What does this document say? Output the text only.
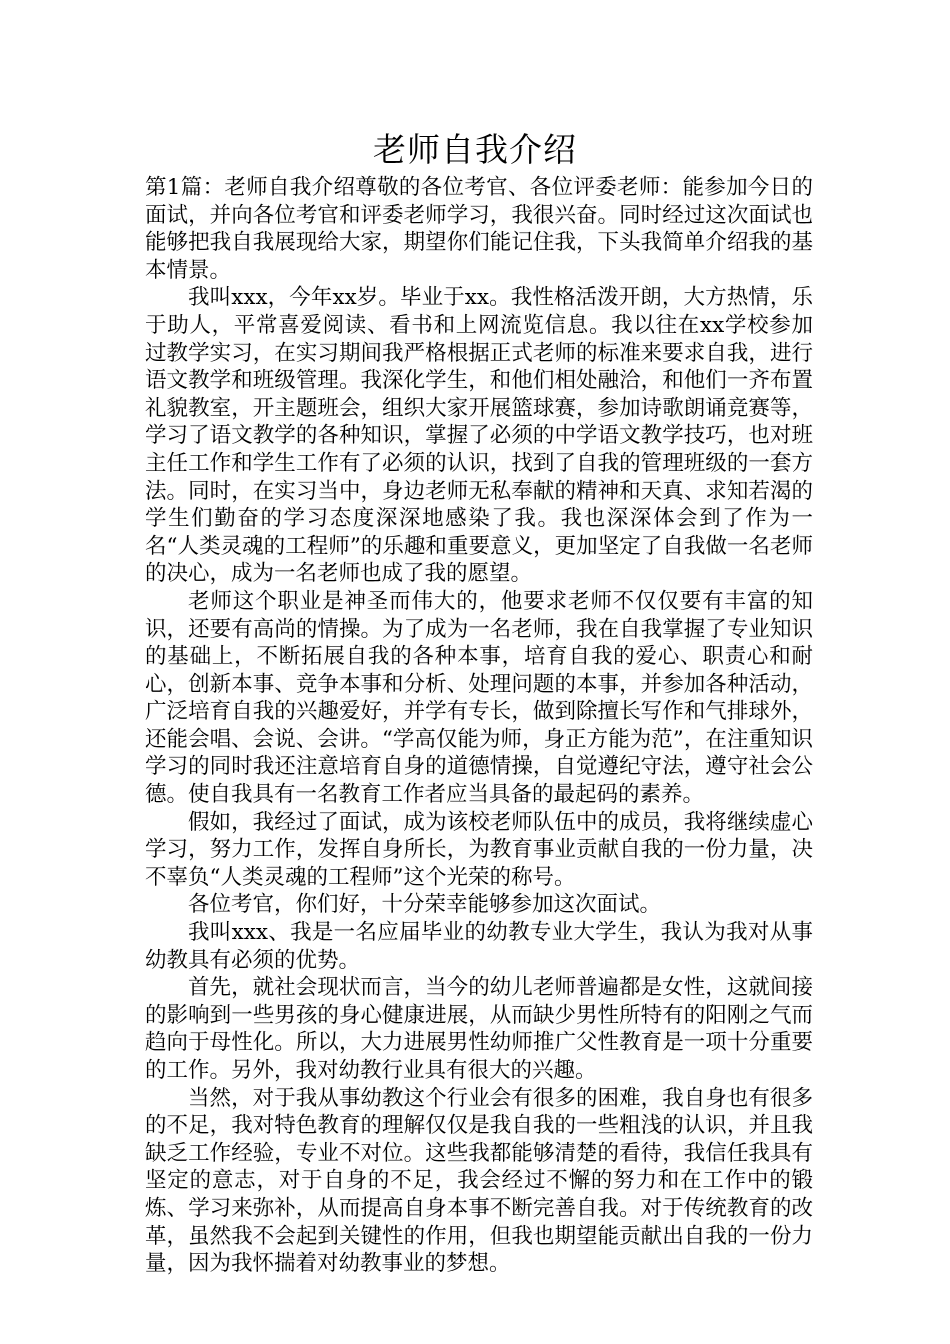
老师自我介绍

第1篇：老师自我介绍尊敬的各位考官、各位评委老师：能参加今日的面试，并向各位考官和评委老师学习，我很兴奋。同时经过这次面试也能够把我自我展现给大家，期望你们能记住我，下头我简单介绍我的基本情景。

我叫xxx，今年xx岁。毕业于xx。我性格活泼开朗，大方热情，乐于助人，平常喜爱阅读、看书和上网流览信息。我以往在xx学校参加过教学实习，在实习期间我严格根据正式老师的标准来要求自我，进行语文教学和班级管理。我深化学生，和他们相处融洽，和他们一齐布置礼貌教室，开主题班会，组织大家开展篮球赛，参加诗歌朗诵竞赛等，学习了语文教学的各种知识，掌握了必须的中学语文教学技巧，也对班主任工作和学生工作有了必须的认识，找到了自我的管理班级的一套方法。同时，在实习当中，身边老师无私奉献的精神和天真、求知若渴的学生们勤奋的学习态度深深地感染了我。我也深深体会到了作为一名“人类灵魂的工程师”的乐趣和重要意义，更加坚定了自我做一名老师的决心，成为一名老师也成了我的愿望。

老师这个职业是神圣而伟大的，他要求老师不仅仅要有丰富的知识，还要有高尚的情操。为了成为一名老师，我在自我掌握了专业知识的基础上，不断拓展自我的各种本事，培育自我的爱心、职责心和耐心，创新本事、竞争本事和分析、处理问题的本事，并参加各种活动，广泛培育自我的兴趣爱好，并学有专长，做到除擅长写作和气排球外，还能会唱、会说、会讲。“学高仅能为师，身正方能为范”，在注重知识学习的同时我还注意培育自身的道德情操，自觉遵纪守法，遵守社会公德。使自我具有一名教育工作者应当具备的最起码的素养。

假如，我经过了面试，成为该校老师队伍中的成员，我将继续虚心学习，努力工作，发挥自身所长，为教育事业贡献自我的一份力量，决不辜负“人类灵魂的工程师”这个光荣的称号。

各位考官，你们好，十分荣幸能够参加这次面试。

我叫xxx、我是一名应届毕业的幼教专业大学生，我认为我对从事幼教具有必须的优势。

首先，就社会现状而言，当今的幼儿老师普遍都是女性，这就间接的影响到一些男孩的身心健康进展，从而缺少男性所特有的阳刚之气而趋向于母性化。所以，大力进展男性幼师推广父性教育是一项十分重要的工作。另外，我对幼教行业具有很大的兴趣。

当然，对于我从事幼教这个行业会有很多的困难，我自身也有很多的不足，我对特色教育的理解仅仅是我自我的一些粗浅的认识，并且我缺乏工作经验，专业不对位。这些我都能够清楚的看待，我信任我具有坚定的意志，对于自身的不足，我会经过不懈的努力和在工作中的锻炼、学习来弥补，从而提高自身本事不断完善自我。对于传统教育的改革，虽然我不会起到关键性的作用，但我也期望能贡献出自我的一份力量，因为我怀揣着对幼教事业的梦想。
